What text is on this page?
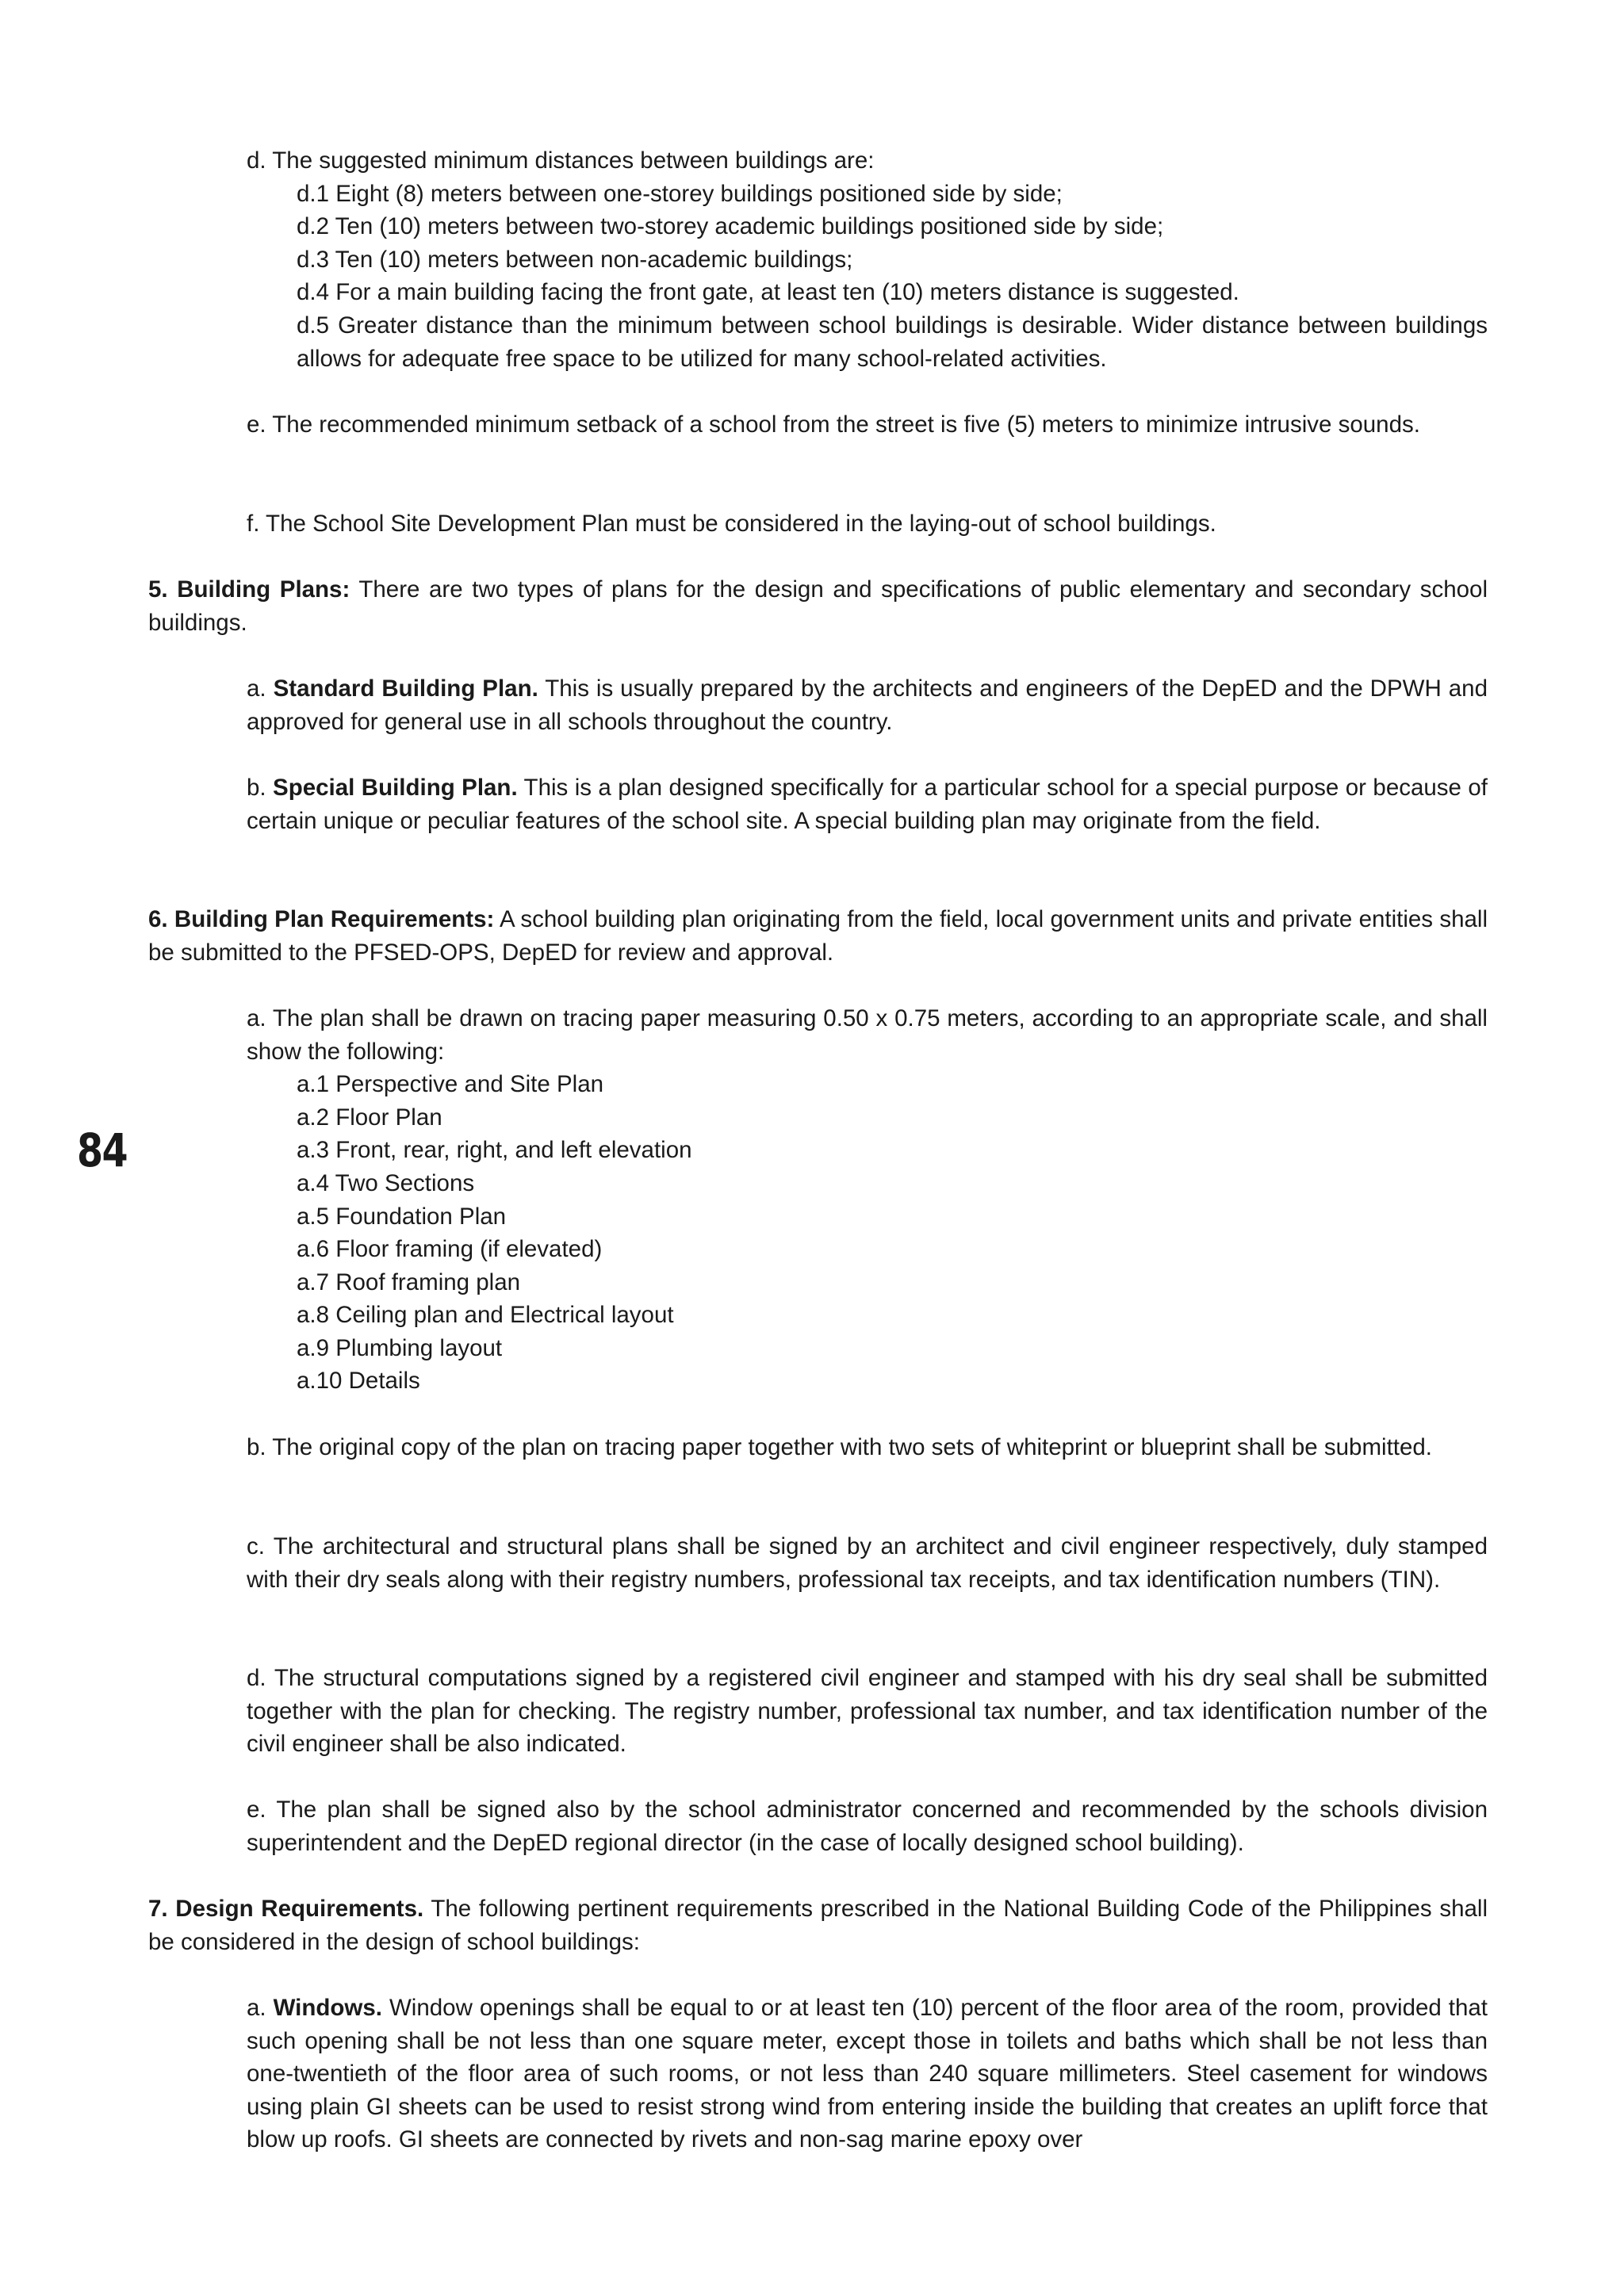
84

d. The suggested minimum distances between buildings are:

d.1 Eight (8) meters between one-storey buildings positioned side by side;

d.2 Ten (10) meters between two-storey academic buildings positioned side by side;

d.3 Ten (10) meters between non-academic buildings;

d.4 For a main building facing the front gate, at least ten (10) meters distance is suggested.

d.5 Greater distance than the minimum between school buildings is desirable. Wider distance between buildings allows for adequate free space to be utilized for many school-related activities.

e. The recommended minimum setback of a school from the street is five (5) meters to minimize intrusive sounds.

f. The School Site Development Plan must be considered in the laying-out of school buildings.

5. Building Plans: There are two types of plans for the design and specifications of public elementary and secondary school buildings.

a. Standard Building Plan. This is usually prepared by the architects and engineers of the DepED and the DPWH and approved for general use in all schools throughout the country.

b. Special Building Plan. This is a plan designed specifically for a particular school for a special purpose or because of certain unique or peculiar features of the school site. A special building plan may originate from the field.

6. Building Plan Requirements: A school building plan originating from the field, local government units and private entities shall be submitted to the PFSED-OPS, DepED for review and approval.

a. The plan shall be drawn on tracing paper measuring 0.50 x 0.75 meters, according to an appropriate scale, and shall show the following:

a.1 Perspective and Site Plan

a.2 Floor Plan

a.3 Front, rear, right, and left elevation

a.4 Two Sections

a.5 Foundation Plan

a.6 Floor framing (if elevated)

a.7 Roof framing plan

a.8 Ceiling plan and Electrical layout

a.9 Plumbing layout

a.10 Details

b. The original copy of the plan on tracing paper together with two sets of whiteprint or blueprint shall be submitted.

c. The architectural and structural plans shall be signed by an architect and civil engineer respectively, duly stamped with their dry seals along with their registry numbers, professional tax receipts, and tax identification numbers (TIN).

d. The structural computations signed by a registered civil engineer and stamped with his dry seal shall be submitted together with the plan for checking. The registry number, professional tax number, and tax identification number of the civil engineer shall be also indicated.

e. The plan shall be signed also by the school administrator concerned and recommended by the schools division superintendent and the DepED regional director (in the case of locally designed school building).

7. Design Requirements. The following pertinent requirements prescribed in the National Building Code of the Philippines shall be considered in the design of school buildings:

a. Windows. Window openings shall be equal to or at least ten (10) percent of the floor area of the room, provided that such opening shall be not less than one square meter, except those in toilets and baths which shall be not less than one-twentieth of the floor area of such rooms, or not less than 240 square millimeters. Steel casement for windows using plain GI sheets can be used to resist strong wind from entering inside the building that creates an uplift force that blow up roofs. GI sheets are connected by rivets and non-sag marine epoxy over
